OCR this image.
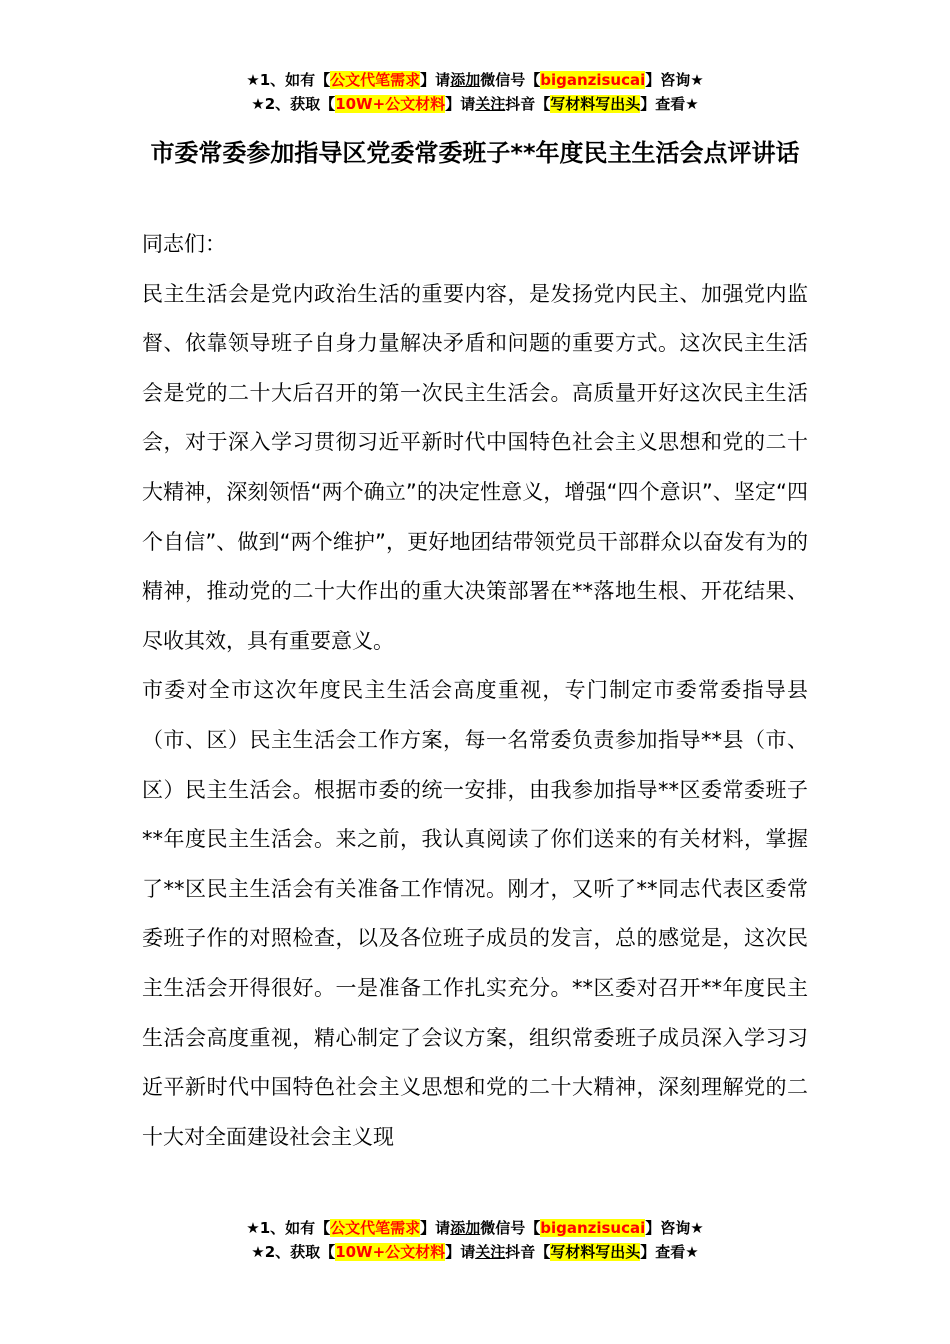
★1、如有【公文代笔需求】请添加微信号【biganzisucai】咨询★
★2、获取【10W+公文材料】请关注抖音【写材料写出头】查看★
市委常委参加指导区党委常委班子**年度民主生活会点评讲话

同志们：

民主生活会是党内政治生活的重要内容，是发扬党内民主、加强党内监督、依靠领导班子自身力量解决矛盾和问题的重要方式。这次民主生活会是党的二十大后召开的第一次民主生活会。高质量开好这次民主生活会，对于深入学习贯彻习近平新时代中国特色社会主义思想和党的二十大精神，深刻领悟“两个确立”的决定性意义，增强“四个意识”、坚定“四个自信”、做到“两个维护”，更好地团结带领党员干部群众以奋发有为的精神，推动党的二十大作出的重大决策部署在**落地生根、开花结果、尽收其效，具有重要意义。

市委对全市这次年度民主生活会高度重视，专门制定市委常委指导县（市、区）民主生活会工作方案，每一名常委负责参加指导**县（市、区）民主生活会。根据市委的统一安排，由我参加指导**区委常委班子**年度民主生活会。来之前，我认真阅读了你们送来的有关材料，掌握了**区民主生活会有关准备工作情况。刚才，又听了**同志代表区委常委班子作的对照检查，以及各位班子成员的发言，总的感觉是，这次民主生活会开得很好。一是准备工作扎实充分。**区委对召开**年度民主生活会高度重视，精心制定了会议方案，组织常委班子成员深入学习习近平新时代中国特色社会主义思想和党的二十大精神，深刻理解党的二十大对全面建设社会主义现

★1、如有【公文代笔需求】请添加微信号【biganzisucai】咨询★
★2、获取【10W+公文材料】请关注抖音【写材料写出头】查看★
